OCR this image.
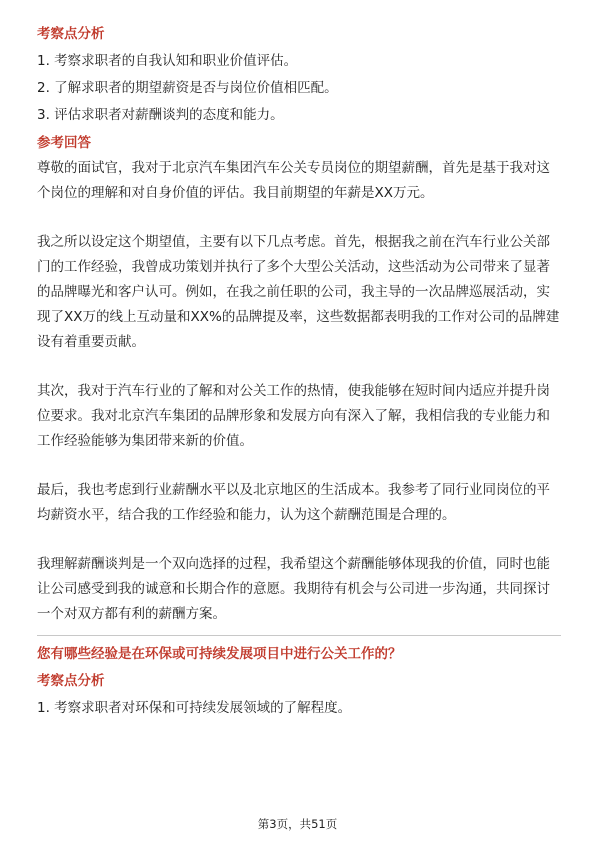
考察点分析
1. 考察求职者的自我认知和职业价值评估。
2. 了解求职者的期望薪资是否与岗位价值相匹配。
3. 评估求职者对薪酬谈判的态度和能力。
参考回答

尊敬的面试官，我对于北京汽车集团汽车公关专员岗位的期望薪酬，首先是基于我对这个岗位的理解和对自身价值的评估。我目前期望的年薪是XX万元。

我之所以设定这个期望值，主要有以下几点考虑。首先，根据我之前在汽车行业公关部门的工作经验，我曾成功策划并执行了多个大型公关活动，这些活动为公司带来了显著的品牌曝光和客户认可。例如，在我之前任职的公司，我主导的一次品牌巡展活动，实现了XX万的线上互动量和XX%的品牌提及率，这些数据都表明我的工作对公司的品牌建设有着重要贡献。

其次，我对于汽车行业的了解和对公关工作的热情，使我能够在短时间内适应并提升岗位要求。我对北京汽车集团的品牌形象和发展方向有深入了解，我相信我的专业能力和工作经验能够为集团带来新的价值。

最后，我也考虑到行业薪酬水平以及北京地区的生活成本。我参考了同行业同岗位的平均薪资水平，结合我的工作经验和能力，认为这个薪酬范围是合理的。

我理解薪酬谈判是一个双向选择的过程，我希望这个薪酬能够体现我的价值，同时也能让公司感受到我的诚意和长期合作的意愿。我期待有机会与公司进一步沟通，共同探讨一个对双方都有利的薪酬方案。

您有哪些经验是在环保或可持续发展项目中进行公关工作的？
考察点分析
1. 考察求职者对环保和可持续发展领域的了解程度。
第3页，共51页
